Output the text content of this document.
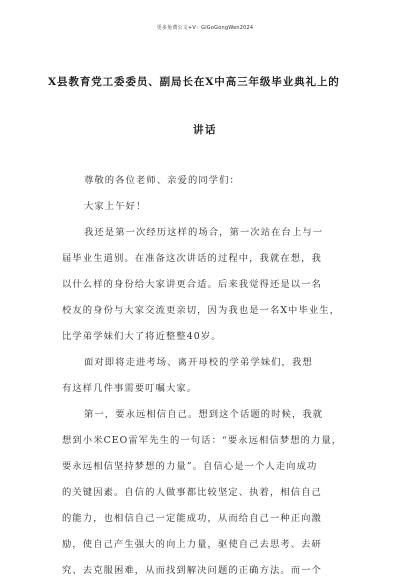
更多免费公文+V：GiGoGongWen2024
X县教育党工委委员、副局长在X中高三年级毕业典礼上的
讲话
尊敬的各位老师、亲爱的同学们：
大家上午好！
我还是第一次经历这样的场合，第一次站在台上与一
届毕业生道别。在准备这次讲话的过程中，我就在想，我
以什么样的身份给大家讲更合适。后来我觉得还是以一名
校友的身份与大家交流更亲切，因为我也是一名X中毕业生，
比学弟学妹们大了将近整整40岁。
面对即将走进考场、离开母校的学弟学妹们，我想
有这样几件事需要叮嘱大家。
第一，要永远相信自己。想到这个话题的时候，我就
想到小米CEO雷军先生的一句话：“要永远相信梦想的力量，
要永远相信坚持梦想的力量”。自信心是一个人走向成功
的关键因素。自信的人做事都比较坚定、执着，相信自己
的能力，也相信自己一定能成功，从而给自己一种正向激
励，使自己产生强大的向上力量，驱使自己去思考、去研
究、去克服困难，从而找到解决问题的正确方法。而一个
